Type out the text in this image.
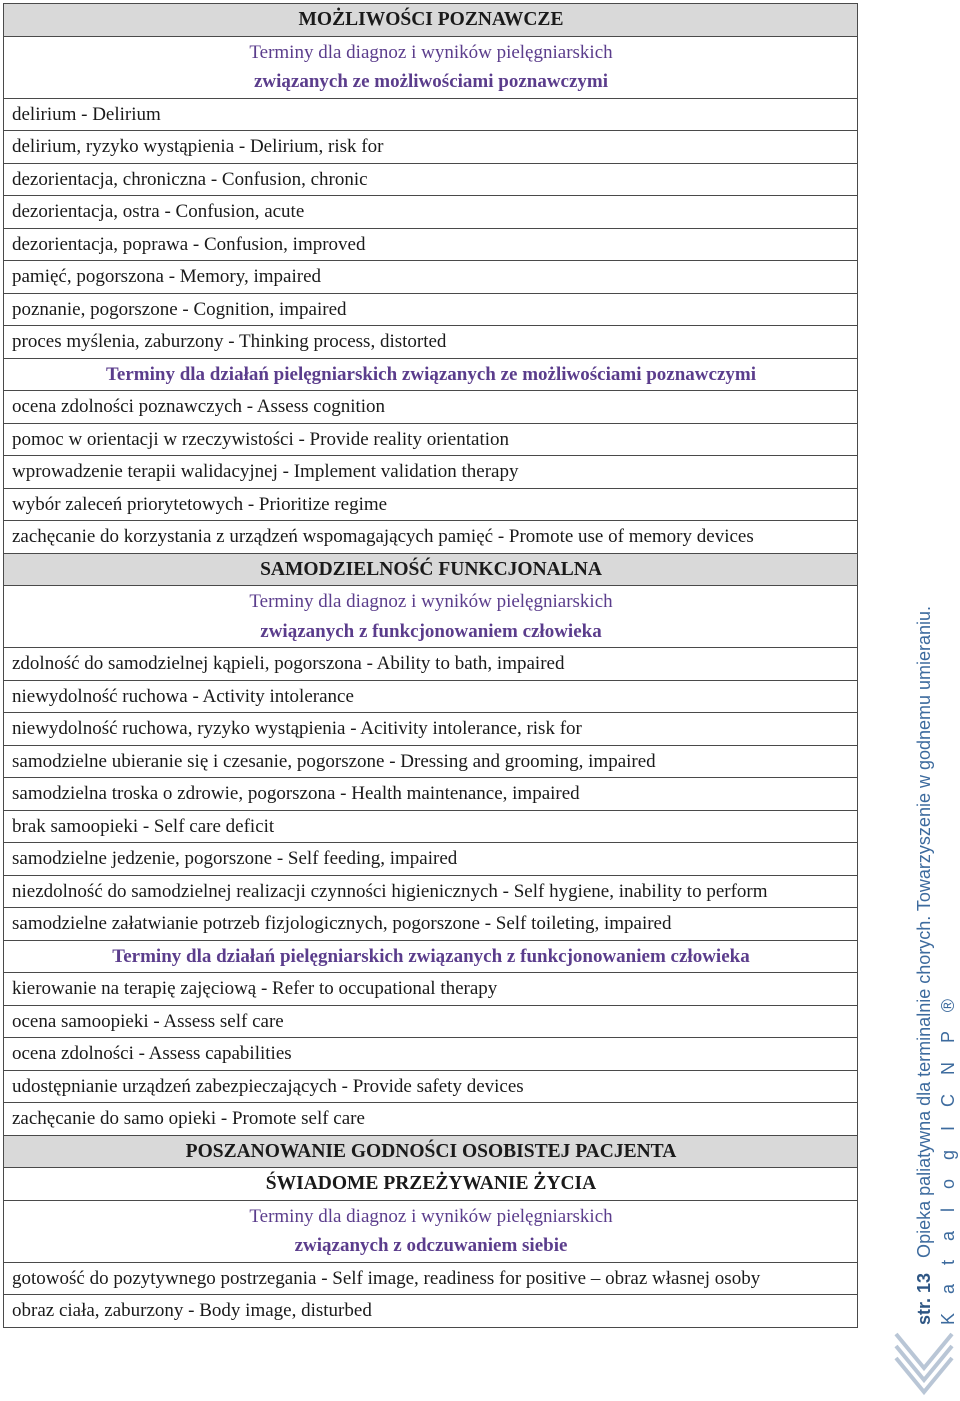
MOŻLIWOŚCI POZNAWCZE

Terminy dla diagnoz i wyników pielęgniarskich
związanych ze możliwościami poznawczymi

delirium - Delirium
delirium, ryzyko wystąpienia - Delirium, risk for
dezorientacja, chroniczna - Confusion, chronic
dezorientacja, ostra - Confusion, acute
dezorientacja, poprawa - Confusion, improved
pamięć, pogorszona - Memory, impaired
poznanie, pogorszone - Cognition, impaired
proces myślenia, zaburzony - Thinking process, distorted
Terminy dla działań pielęgniarskich związanych ze możliwościami poznawczymi
ocena zdolności poznawczych - Assess cognition
pomoc w orientacji w rzeczywistości - Provide reality orientation
wprowadzenie terapii walidacyjnej - Implement validation therapy
wybór zaleceń priorytetowych - Prioritize regime
zachęcanie do korzystania z urządzeń wspomagających pamięć - Promote use of memory devices
SAMODZIELNOŚĆ FUNKCJONALNA

Terminy dla diagnoz i wyników pielęgniarskich
związanych z funkcjonowaniem człowieka

zdolność do samodzielnej kąpieli, pogorszona - Ability to bath, impaired
niewydolność ruchowa - Activity intolerance
niewydolność ruchowa, ryzyko wystąpienia - Acitivity intolerance, risk for
samodzielne ubieranie się i czesanie, pogorszone - Dressing and grooming, impaired
samodzielna troska o zdrowie, pogorszona - Health maintenance, impaired
brak samoopieki - Self care deficit
samodzielne jedzenie, pogorszone - Self feeding, impaired
niezdolność do samodzielnej realizacji czynności higienicznych - Self hygiene, inability to perform
samodzielne załatwianie potrzeb fizjologicznych, pogorszone - Self toileting, impaired
Terminy dla działań pielęgniarskich związanych z funkcjonowaniem człowieka
kierowanie na terapię zajęciową - Refer to occupational therapy
ocena samoopieki - Assess self care
ocena zdolności - Assess capabilities
udostępnianie urządzeń zabezpieczających - Provide safety devices
zachęcanie do samo opieki - Promote self care
POSZANOWANIE GODNOŚCI OSOBISTEJ PACJENTA
ŚWIADOME PRZEŻYWANIE ŻYCIA

Terminy dla diagnoz i wyników pielęgniarskich
związanych z odczuwaniem siebie

gotowość do pozytywnego postrzegania - Self image, readiness for positive – obraz własnej osoby
obraz ciała, zaburzony - Body image, disturbed	str. 13   Opieka paliatywna dla terminalnie chorych. Towarzyszenie w godnemu umieraniu. K a t a l o g I C N P ®
